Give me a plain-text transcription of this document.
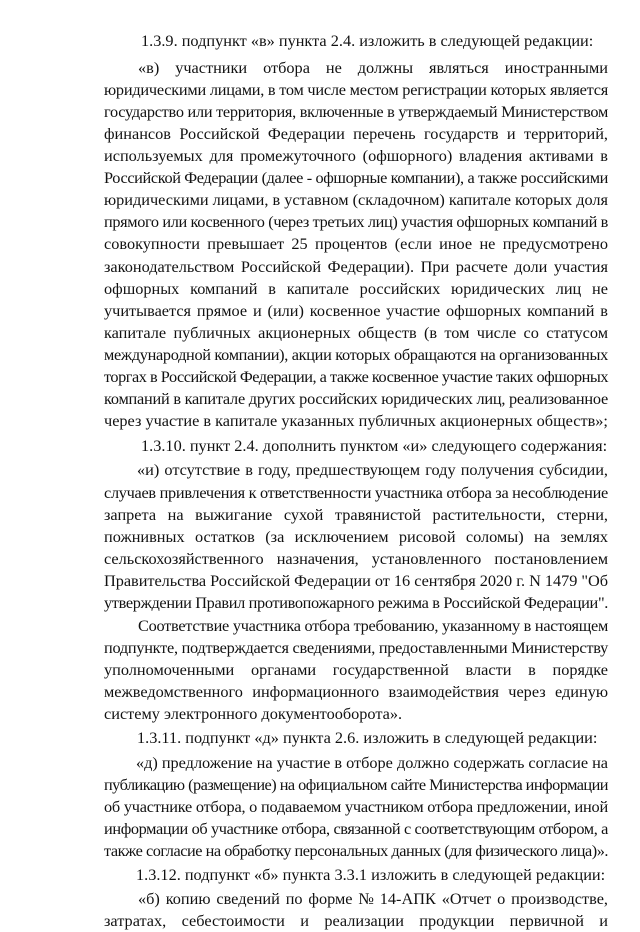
1.3.9. подпункт «в» пункта 2.4. изложить в следующей редакции:
«в) участники отбора не должны являться иностранными
юридическими лицами, в том числе местом регистрации которых является
государство или территория, включенные в утверждаемый Министерством
финансов Российской Федерации перечень государств и территорий,
используемых для промежуточного (офшорного) владения активами в
Российской Федерации (далее - офшорные компании), а также российскими
юридическими лицами, в уставном (складочном) капитале которых доля
прямого или косвенного (через третьих лиц) участия офшорных компаний в
совокупности превышает 25 процентов (если иное не предусмотрено
законодательством Российской Федерации). При расчете доли участия
офшорных компаний в капитале российских юридических лиц не
учитывается прямое и (или) косвенное участие офшорных компаний в
капитале публичных акционерных обществ (в том числе со статусом
международной компании), акции которых обращаются на организованных
торгах в Российской Федерации, а также косвенное участие таких офшорных
компаний в капитале других российских юридических лиц, реализованное
через участие в капитале указанных публичных акционерных обществ»;
1.3.10. пункт 2.4. дополнить пунктом «и» следующего содержания:
«и) отсутствие в году, предшествующем году получения субсидии,
случаев привлечения к ответственности участника отбора за несоблюдение
запрета на выжигание сухой травянистой растительности, стерни,
пожнивных остатков (за исключением рисовой соломы) на землях
сельскохозяйственного назначения, установленного постановлением
Правительства Российской Федерации от 16 сентября 2020 г. N 1479 "Об
утверждении Правил противопожарного режима в Российской Федерации".
Соответствие участника отбора требованию, указанному в настоящем
подпункте, подтверждается сведениями, предоставленными Министерству
уполномоченными органами государственной власти в порядке
межведомственного информационного взаимодействия через единую
систему электронного документооборота».
1.3.11. подпункт «д» пункта 2.6. изложить в следующей редакции:
«д) предложение на участие в отборе должно содержать согласие на
публикацию (размещение) на официальном сайте Министерства информации
об участнике отбора, о подаваемом участником отбора предложении, иной
информации об участнике отбора, связанной с соответствующим отбором, а
также согласие на обработку персональных данных (для физического лица)».
1.3.12. подпункт «б» пункта 3.3.1 изложить в следующей редакции:
«б) копию сведений по форме № 14-АПК «Отчет о производстве,
затратах, себестоимости и реализации продукции первичной и
